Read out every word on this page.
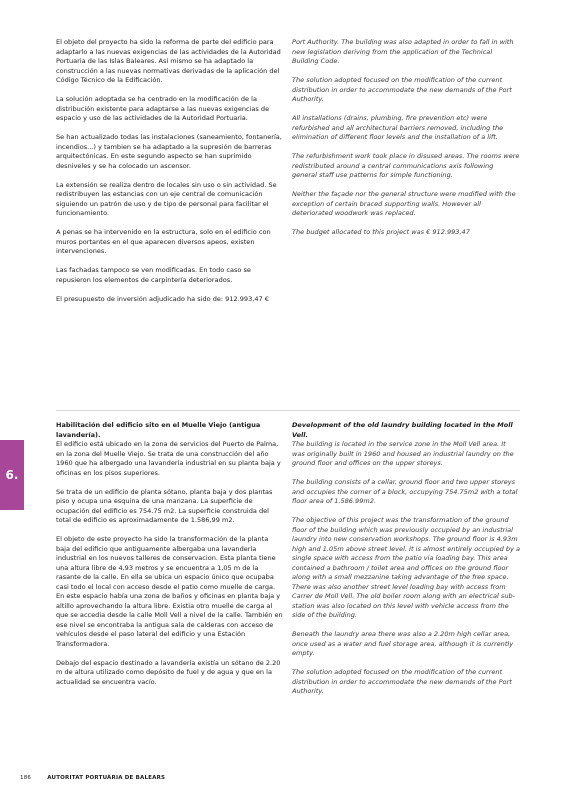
El objeto del proyecto ha sido la reforma de parte del edificio para adaptarlo a las nuevas exigencias de las actividades de la Autoridad Portuaria de las Islas Baleares. Así mismo se ha adaptado la construcción a las nuevas normativas derivadas de la aplicación del Código Técnico de la Edificación.

La solución adoptada se ha centrado en la modificación de la distribución existente para adaptarse a las nuevas exigencias de espacio y uso de las actividades de la Autoridad Portuaria.

Se han actualizado todas las instalaciones (saneamiento, fontanería, incendios...) y tambien se ha adaptado a la supresión de barreras arquitectónicas. En este segundo aspecto se han suprimido desniveles y se ha colocado un ascensor.

La extensión se realiza dentro de locales sin uso o sin actividad. Se redistribuyen las estancias con un eje central de comunicación siguiendo un patrón de uso y de tipo de personal para facilitar el funcionamiento.

A penas se ha intervenido en la estructura, solo en el edificio con muros portantes en el que aparecen diversos apeos, existen intervenciones.

Las fachadas tampoco se ven modificadas. En todo caso se repusieron los elementos de carpintería deteriorados.

El presupuesto de inversión adjudicado ha sido de: 912.993,47 €

Port Authority. The building was also adapted in order to fall in with new legislation deriving from the application of the Technical Building Code.

The solution adopted focused on the modification of the current distribution in order to accommodate the new demands of the Port Authority.

All installations (drains, plumbing, fire prevention etc) were refurbished and all architectural barriers removed, including the elimination of different floor levels and the installation of a lift.

The refurbishment work took place in disused areas. The rooms were redistributed around a central communications axis following general staff use patterns for simple functioning.

Neither the façade nor the general structure were modified with the exception of certain braced supporting walls. However all deteriorated woodwork was replaced.

The budget allocated to this project was € 912.993,47

6.

Habilitación del edificio sito en el Muelle Viejo (antigua lavandería).
El edificio está ubicado en la zona de servicios del Puerto de Palma, en la zona del Muelle Viejo. Se trata de una construcción del año 1960 que ha albergado una lavandería industrial en su planta baja y oficinas en los pisos superiores.

Se trata de un edificio de planta sótano, planta baja y dos plantas piso y ocupa una esquina de una manzana. La superficie de ocupación del edificio es 754.75 m2. La superficie construida del total de edificio es aproximadamente de 1.586,99 m2.

El objeto de este proyecto ha sido la transformación de la planta baja del edificio que antiguamente albergaba una lavandería industrial en los nuevos talleres de conservacion. Esta planta tiene una altura libre de 4,93 metros y se encuentra a 1,05 m de la rasante de la calle. En ella se ubica un espacio único que ocupaba casi todo el local con acceso desde el patio como muelle de carga. En este espacio había una zona de baños y oficinas en planta baja y altillo aprovechando la altura libre. Existia otro muelle de carga al que se accedia desde la calle Moll Vell a nivel de la calle. También en ese nivel se encontraba la antigua sala de calderas con acceso de vehículos desde el paso lateral del edificio y una Estación Transformadora.

Debajo del espacio destinado a lavandería existía un sótano de 2.20 m de altura utilizado como depósito de fuel y de agua y que en la actualidad se encuentra vacío.

Development of the old laundry building located in the Moll Vell.
The building is located in the service zone in the Moll Vell area. It was originally built in 1960 and housed an industrial laundry on the ground floor and offices on the upper storeys.

The building consists of a cellar, ground floor and two upper storeys and occupies the corner of a block, occupying 754.75m2 with a total floor area of 1.586.99m2.

The objective of this project was the transformation of the ground floor of the building which was previously occupied by an industrial laundry into new conservation workshops. The ground floor is 4.93m high and 1.05m above street level. It is almost entirely occupied by a single space with access from the patio via loading bay. This area contained a bathroom / toilet area and offices on the ground floor along with a small mezzanine taking advantage of the free space. There was also another street level loading bay with access from Carrer de Moll Vell. The old boiler room along with an electrical sub-station was also located on this level with vehicle access from the side of the building.

Beneath the laundry area there was also a 2.20m high cellar area, once used as a water and fuel storage area, although it is currently empty.

The solution adopted focused on the modification of the current distribution in order to accommodate the new demands of the Port Authority.

186	AUTORITAT PORTUÀRIA DE BALEARS
